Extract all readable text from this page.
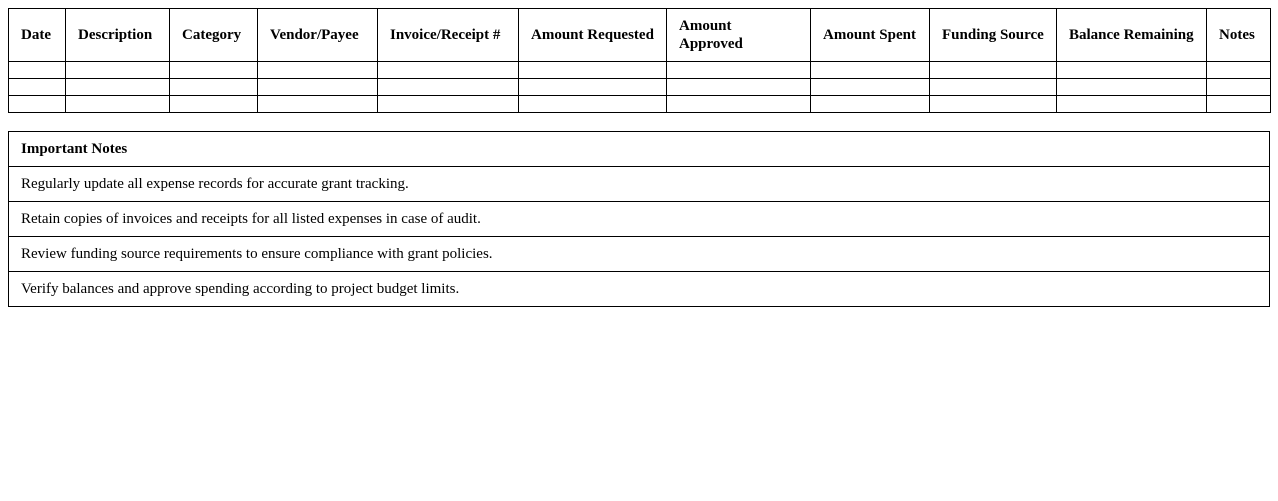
Date	Description	Category	Vendor/Payee	Invoice/Receipt #	Amount Requested	Amount Approved	Amount Spent	Funding Source	Balance Remaining	Notes

Important Notes
Regularly update all expense records for accurate grant tracking.
Retain copies of invoices and receipts for all listed expenses in case of audit.
Review funding source requirements to ensure compliance with grant policies.
Verify balances and approve spending according to project budget limits.
